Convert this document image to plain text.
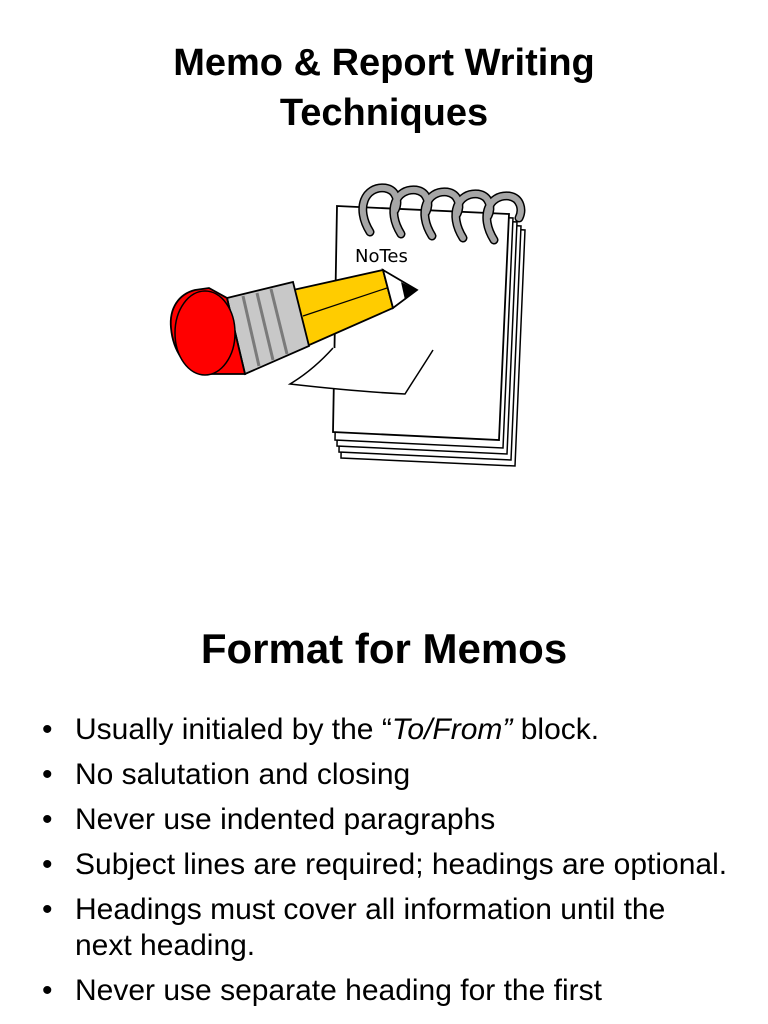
Memo & Report Writing
Techniques
NoTes
Format for Memos
• Usually initialed by the “To/From” block.
• No salutation and closing
• Never use indented paragraphs
• Subject lines are required; headings are optional.
• Headings must cover all information until the next heading.
• Never use separate heading for the first
